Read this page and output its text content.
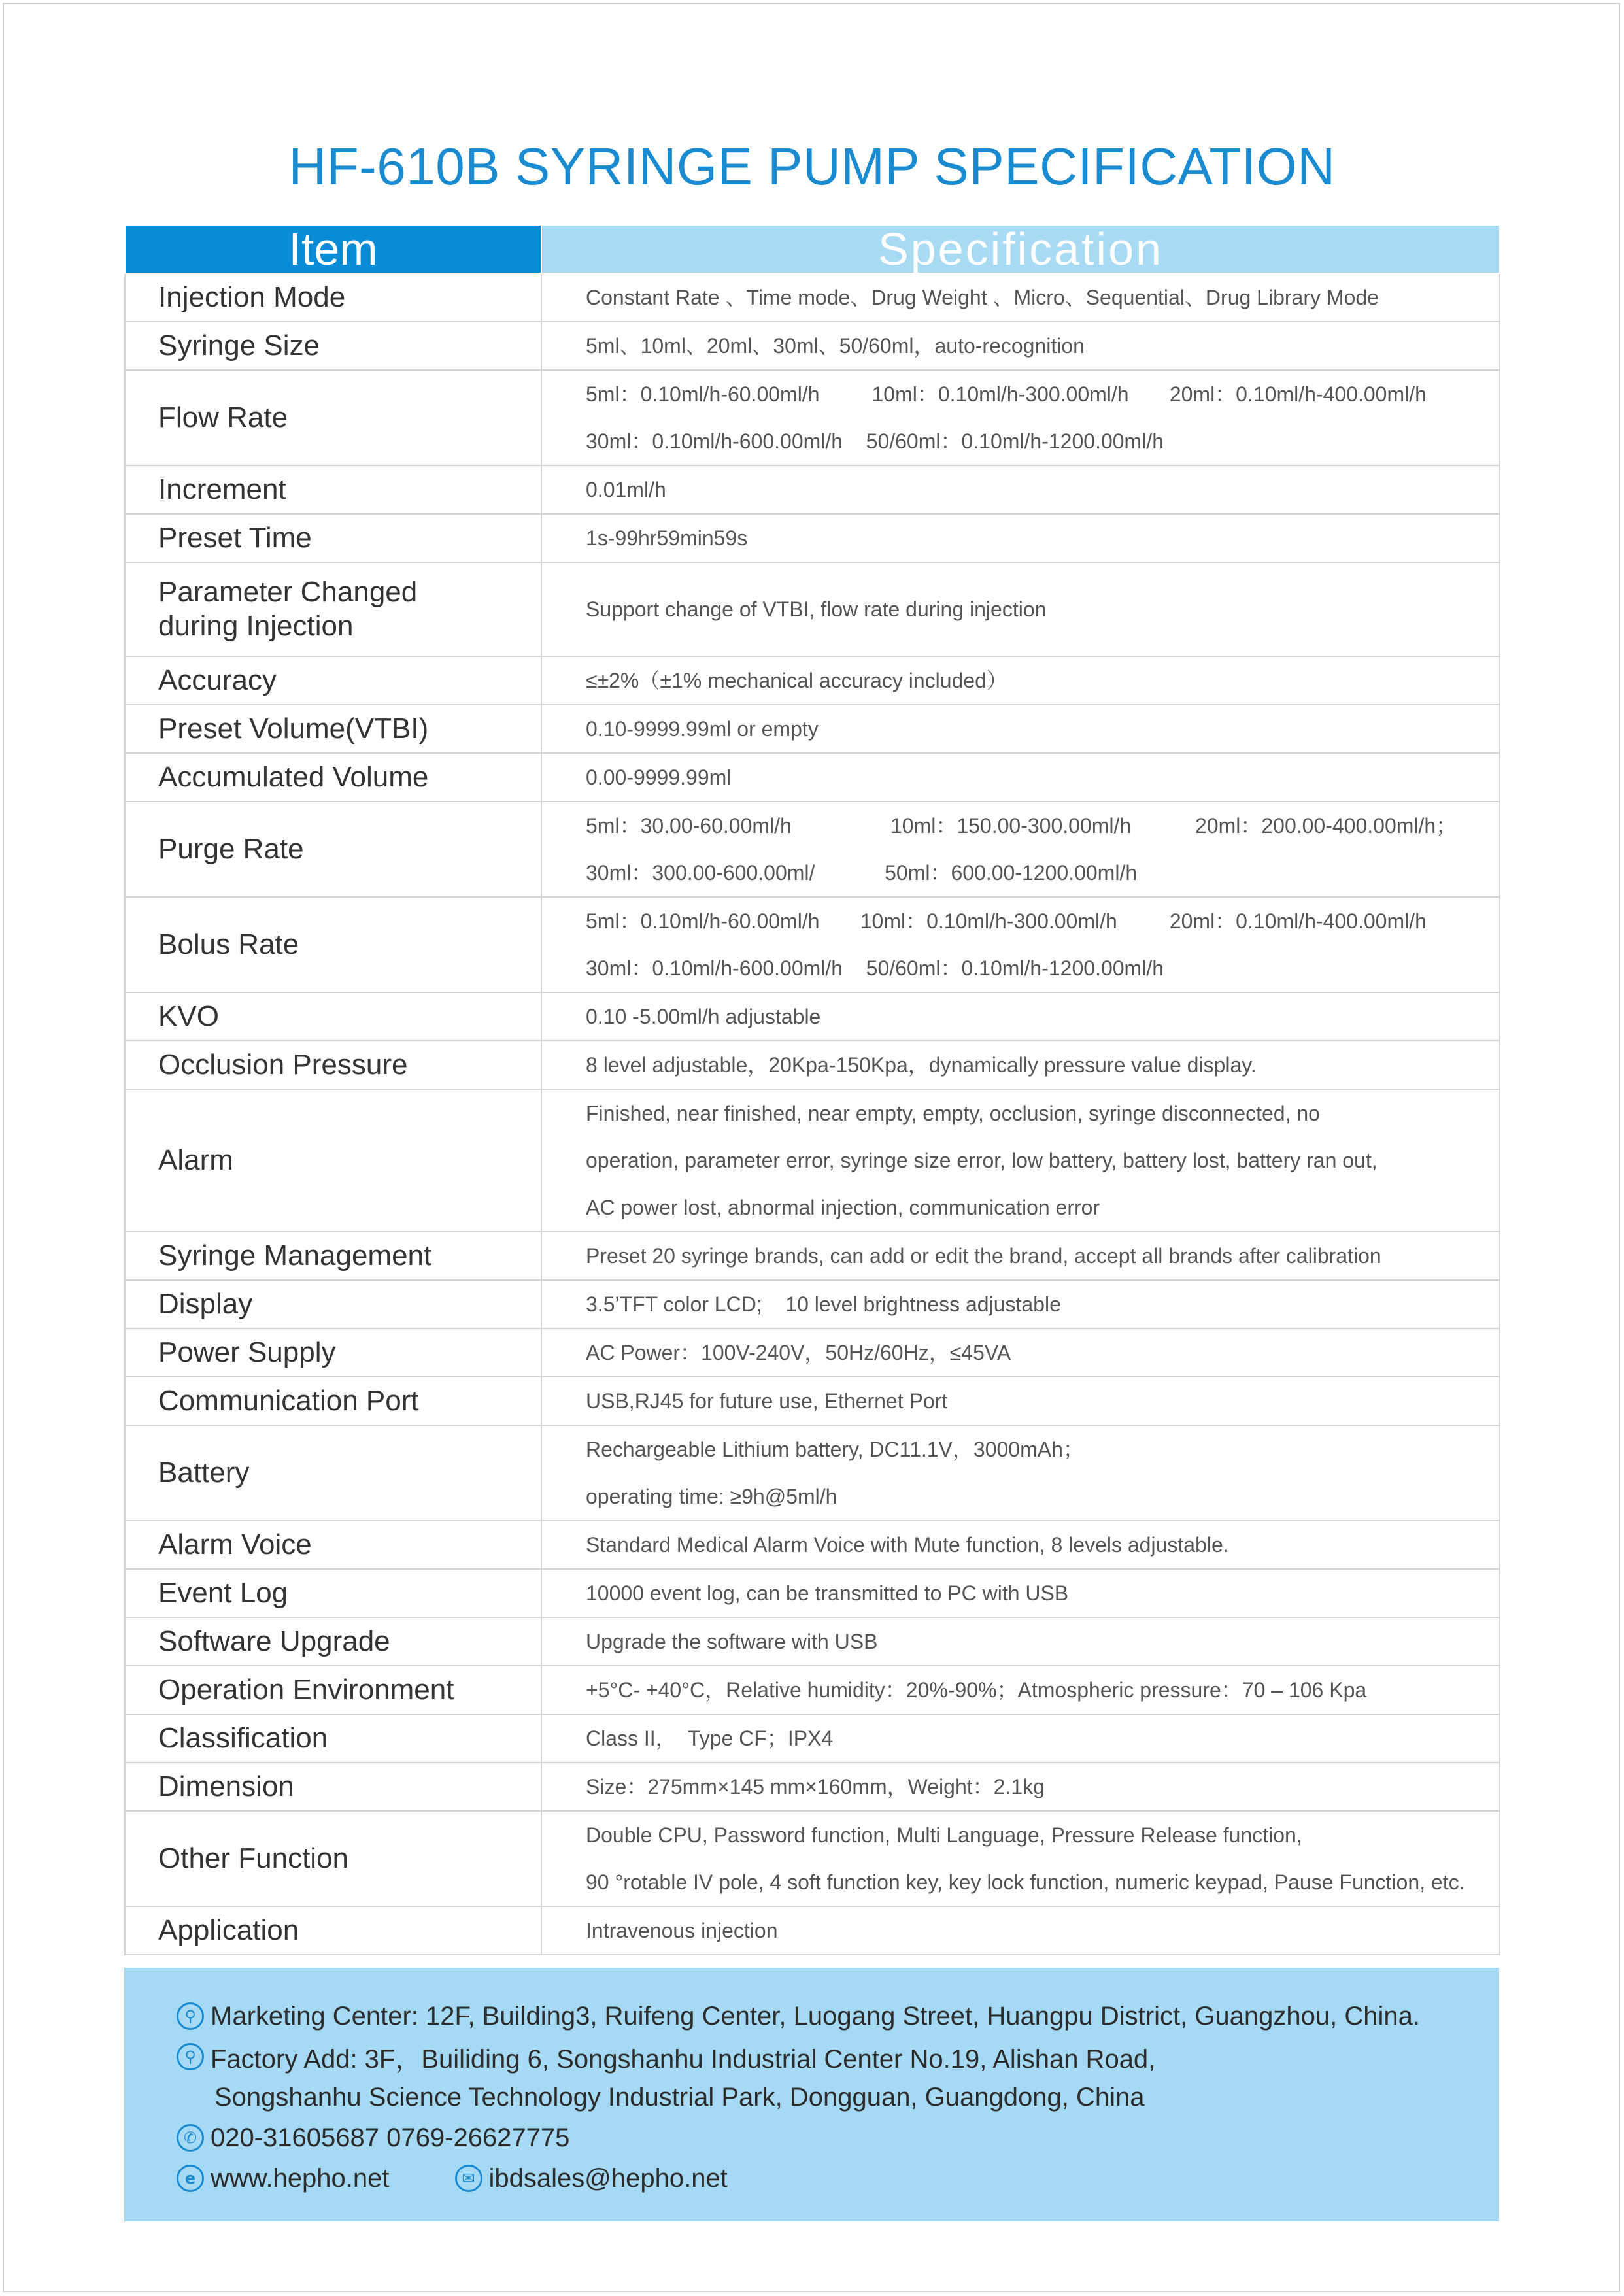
HF-610B SYRINGE PUMP SPECIFICATION
Item	Specification

Injection Mode	Constant Rate 、Time mode、Drug Weight 、Micro、Sequential、Drug Library Mode

Syringe Size	5ml、10ml、20ml、30ml、50/60ml，auto-recognition

Flow Rate	5ml：0.10ml/h-60.00ml/h         10ml：0.10ml/h-300.00ml/h       20ml：0.10ml/h-400.00ml/h
30ml：0.10ml/h-600.00ml/h    50/60ml：0.10ml/h-1200.00ml/h

Increment	0.01ml/h

Preset Time	1s-99hr59min59s

Parameter Changed
during Injection	Support change of VTBI, flow rate during injection

Accuracy	≤±2%（±1% mechanical accuracy included）

Preset Volume(VTBI)	0.10-9999.99ml or empty

Accumulated Volume	0.00-9999.99ml

Purge Rate	5ml：30.00-60.00ml/h                 10ml：150.00-300.00ml/h           20ml：200.00-400.00ml/h；
30ml：300.00-600.00ml/            50ml：600.00-1200.00ml/h

Bolus Rate	5ml：0.10ml/h-60.00ml/h       10ml：0.10ml/h-300.00ml/h         20ml：0.10ml/h-400.00ml/h
30ml：0.10ml/h-600.00ml/h    50/60ml：0.10ml/h-1200.00ml/h

KVO	0.10 -5.00ml/h adjustable

Occlusion Pressure	8 level adjustable，20Kpa-150Kpa，dynamically pressure value display.

Alarm	Finished, near finished, near empty, empty, occlusion, syringe disconnected, no
operation, parameter error, syringe size error, low battery, battery lost, battery ran out,
AC power lost, abnormal injection, communication error

Syringe Management	Preset 20 syringe brands, can add or edit the brand, accept all brands after calibration

Display	3.5’TFT color LCD;    10 level brightness adjustable

Power Supply	AC Power：100V-240V，50Hz/60Hz，≤45VA

Communication Port	USB,RJ45 for future use, Ethernet Port

Battery	Rechargeable Lithium battery, DC11.1V，3000mAh；
operating time: ≥9h@5ml/h

Alarm Voice	Standard Medical Alarm Voice with Mute function, 8 levels adjustable.

Event Log	10000 event log, can be transmitted to PC with USB

Software Upgrade	Upgrade the software with USB

Operation Environment	+5°C- +40°C，Relative humidity：20%-90%；Atmospheric pressure：70 – 106 Kpa

Classification	Class II，  Type CF；IPX4

Dimension	Size：275mm×145 mm×160mm，Weight：2.1kg

Other Function	Double CPU, Password function, Multi Language, Pressure Release function,
90 °rotable IV pole, 4 soft function key, key lock function, numeric keypad, Pause Function, etc.

Application	Intravenous injection
⚲ Marketing Center: 12F, Building3, Ruifeng Center, Luogang Street, Huangpu District, Guangzhou, China.
⚲ Factory Add: 3F，Builiding 6, Songshanhu Industrial Center No.19, Alishan Road,
Songshanhu Science Technology Industrial Park, Dongguan, Guangdong, China
✆ 020-31605687 0769-26627775
e www.hepho.net	✉ ibdsales@hepho.net
